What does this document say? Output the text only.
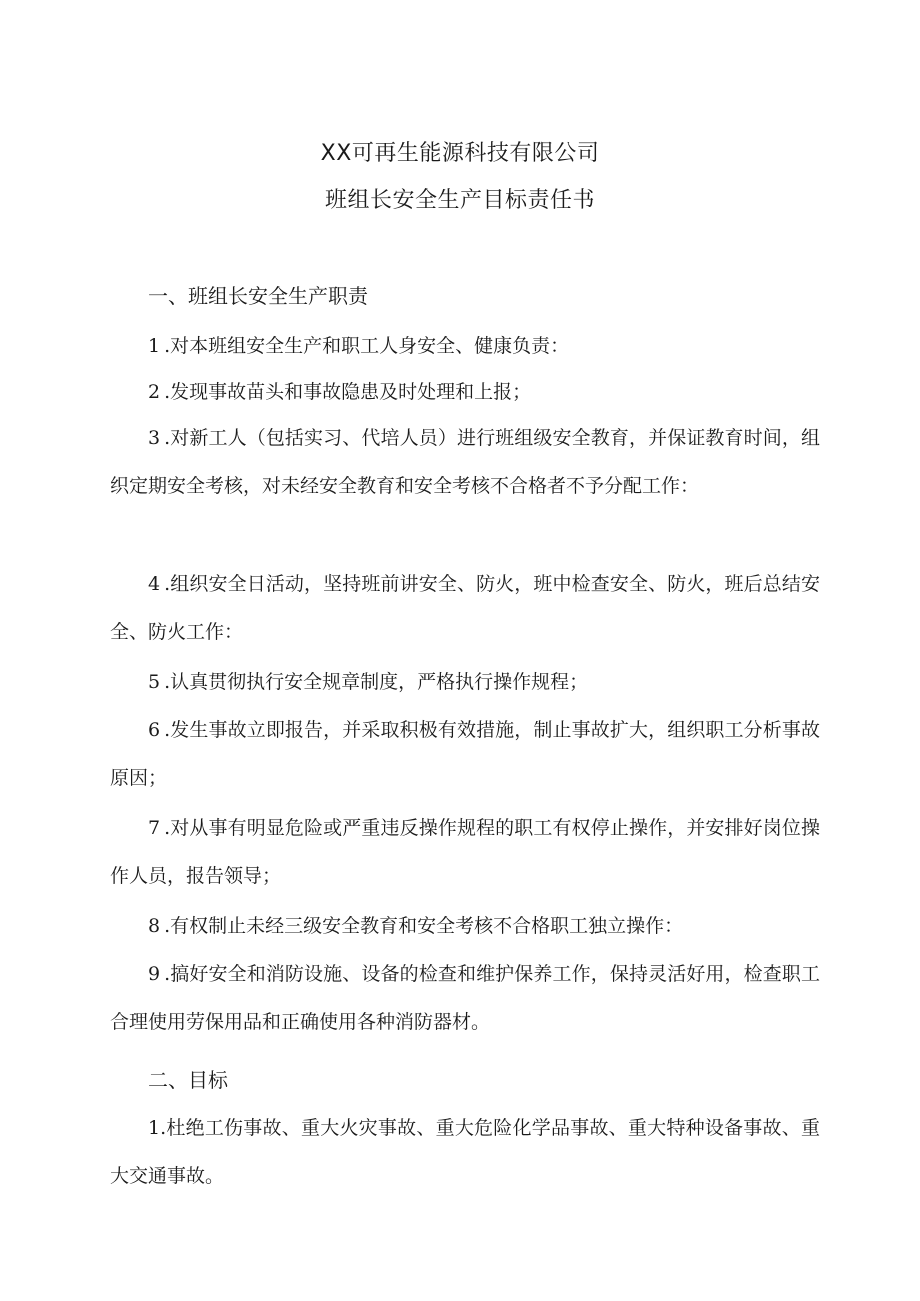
XX可再生能源科技有限公司
班组长安全生产目标责任书
一、班组长安全生产职责
1 .对本班组安全生产和职工人身安全、健康负责：
2 .发现事故苗头和事故隐患及时处理和上报；
3 .对新工人（包括实习、代培人员）进行班组级安全教育，并保证教育时间，组织定期安全考核，对未经安全教育和安全考核不合格者不予分配工作：
4 .组织安全日活动，坚持班前讲安全、防火，班中检查安全、防火，班后总结安全、防火工作：
5 .认真贯彻执行安全规章制度，严格执行操作规程；
6 .发生事故立即报告，并采取积极有效措施，制止事故扩大，组织职工分析事故原因；
7 .对从事有明显危险或严重违反操作规程的职工有权停止操作，并安排好岗位操作人员，报告领导；
8 .有权制止未经三级安全教育和安全考核不合格职工独立操作：
9 .搞好安全和消防设施、设备的检查和维护保养工作，保持灵活好用，检查职工合理使用劳保用品和正确使用各种消防器材。
二、目标
1.杜绝工伤事故、重大火灾事故、重大危险化学品事故、重大特种设备事故、重大交通事故。
